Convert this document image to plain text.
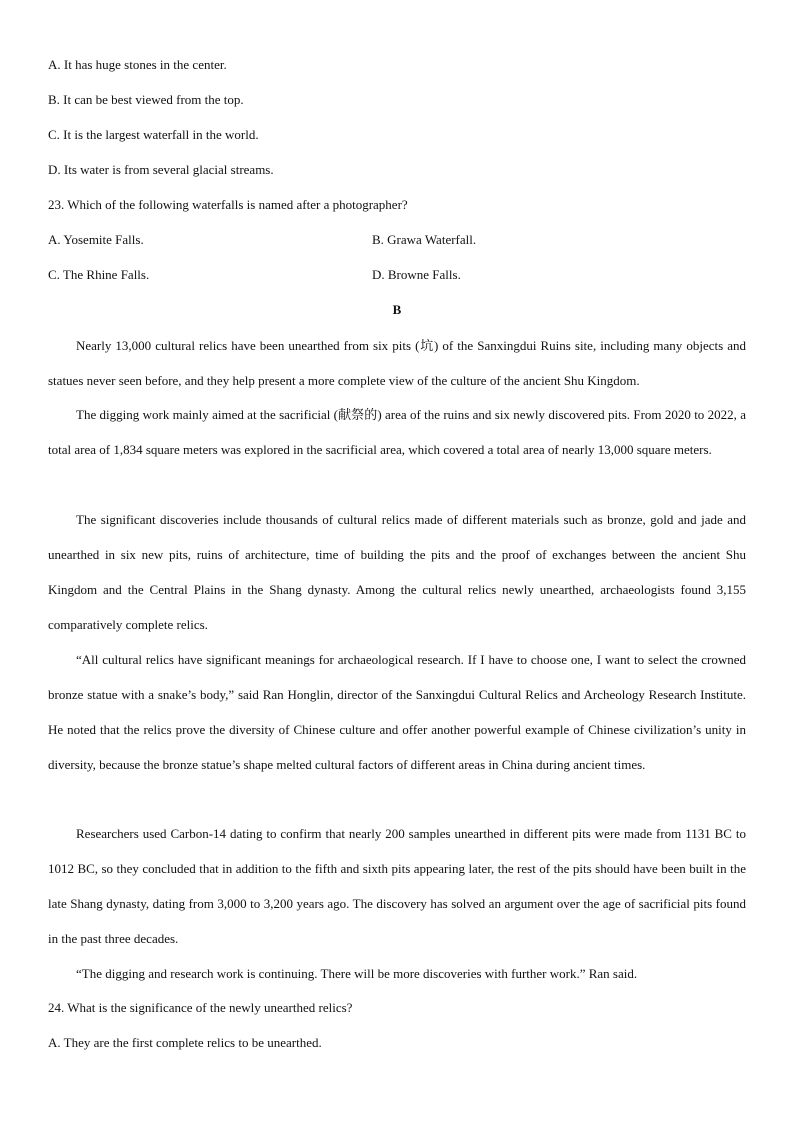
A. It has huge stones in the center.
B. It can be best viewed from the top.
C. It is the largest waterfall in the world.
D. Its water is from several glacial streams.
23. Which of the following waterfalls is named after a photographer?
A. Yosemite Falls.	B. Grawa Waterfall.
C. The Rhine Falls.	D. Browne Falls.
B

Nearly 13,000 cultural relics have been unearthed from six pits (坑) of the Sanxingdui Ruins site, including many objects and statues never seen before, and they help present a more complete view of the culture of the ancient Shu Kingdom.

The digging work mainly aimed at the sacrificial (献祭的) area of the ruins and six newly discovered pits. From 2020 to 2022, a total area of 1,834 square meters was explored in the sacrificial area, which covered a total area of nearly 13,000 square meters.

The significant discoveries include thousands of cultural relics made of different materials such as bronze, gold and jade and unearthed in six new pits, ruins of architecture, time of building the pits and the proof of exchanges between the ancient Shu Kingdom and the Central Plains in the Shang dynasty. Among the cultural relics newly unearthed, archaeologists found 3,155 comparatively complete relics.

“All cultural relics have significant meanings for archaeological research. If I have to choose one, I want to select the crowned bronze statue with a snake’s body,” said Ran Honglin, director of the Sanxingdui Cultural Relics and Archeology Research Institute. He noted that the relics prove the diversity of Chinese culture and offer another powerful example of Chinese civilization’s unity in diversity, because the bronze statue’s shape melted cultural factors of different areas in China during ancient times.

Researchers used Carbon-14 dating to confirm that nearly 200 samples unearthed in different pits were made from 1131 BC to 1012 BC, so they concluded that in addition to the fifth and sixth pits appearing later, the rest of the pits should have been built in the late Shang dynasty, dating from 3,000 to 3,200 years ago. The discovery has solved an argument over the age of sacrificial pits found in the past three decades.

“The digging and research work is continuing. There will be more discoveries with further work.” Ran said.

24. What is the significance of the newly unearthed relics?
A. They are the first complete relics to be unearthed.
